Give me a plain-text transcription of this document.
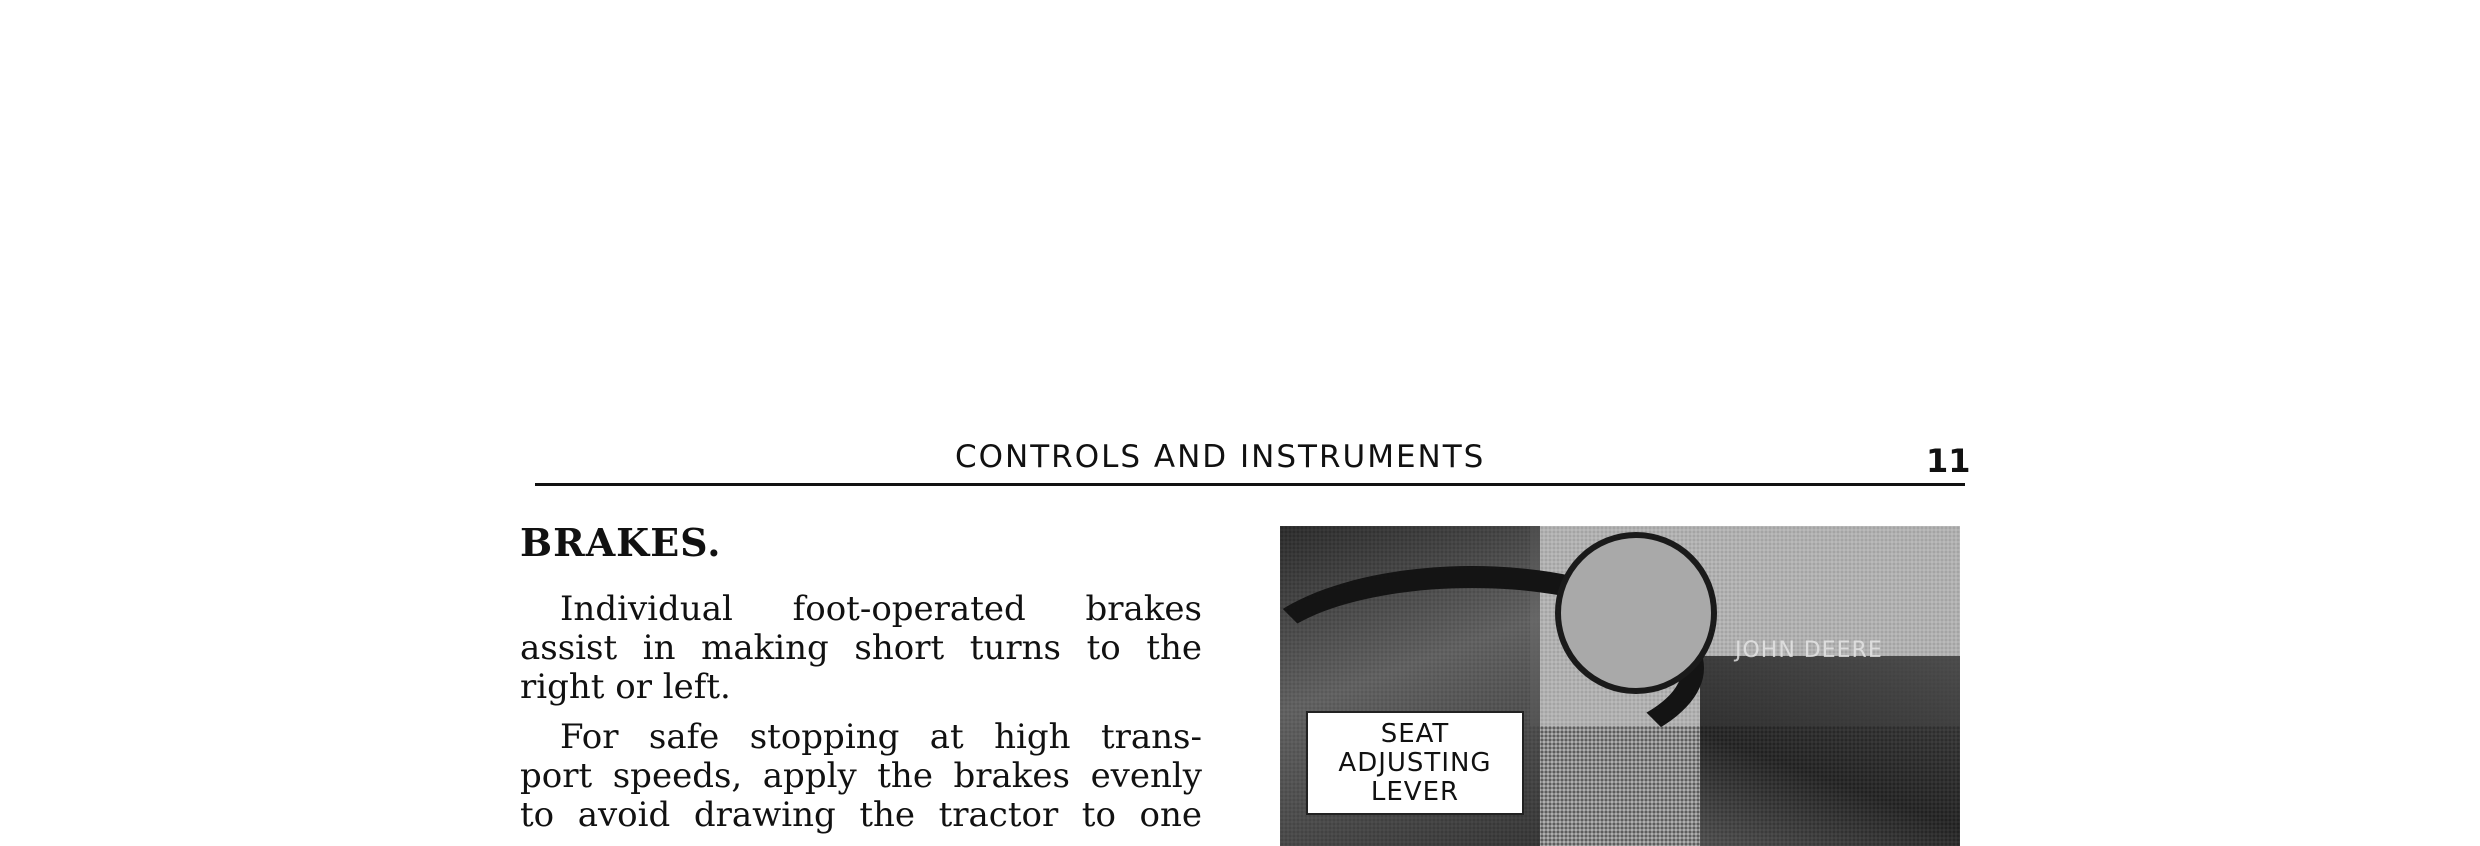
CONTROLS AND INSTRUMENTS	11
BRAKES.
Individual foot-operated brakes
assist in making short turns to the
right or left.
For safe stopping at high trans-
port speeds, apply the brakes evenly
to avoid drawing the tractor to one
JOHN DEERE
SEAT
ADJUSTING
LEVER
